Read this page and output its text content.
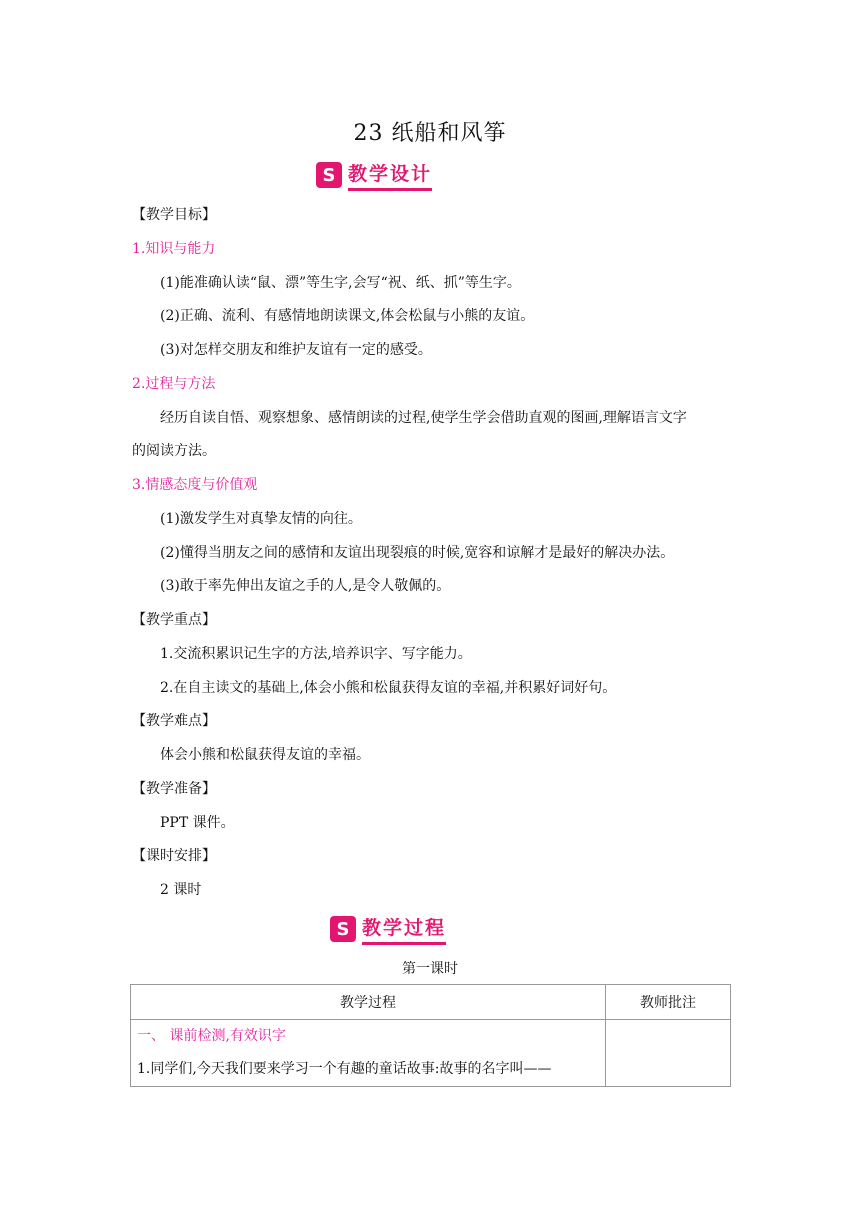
23 纸船和风筝
S 教学设计
【教学目标】
1.知识与能力
(1)能准确认读“鼠、漂”等生字,会写“祝、纸、抓”等生字。
(2)正确、流利、有感情地朗读课文,体会松鼠与小熊的友谊。
(3)对怎样交朋友和维护友谊有一定的感受。
2.过程与方法
经历自读自悟、观察想象、感情朗读的过程,使学生学会借助直观的图画,理解语言文字
的阅读方法。
3.情感态度与价值观
(1)激发学生对真挚友情的向往。
(2)懂得当朋友之间的感情和友谊出现裂痕的时候,宽容和谅解才是最好的解决办法。
(3)敢于率先伸出友谊之手的人,是令人敬佩的。
【教学重点】
1.交流积累识记生字的方法,培养识字、写字能力。
2.在自主读文的基础上,体会小熊和松鼠获得友谊的幸福,并积累好词好句。
【教学难点】
体会小熊和松鼠获得友谊的幸福。
【教学准备】
PPT 课件。
【课时安排】
2 课时
S 教学过程
第一课时
教学过程	教师批注

一、 课前检测,有效识字
1.同学们,今天我们要来学习一个有趣的童话故事:故事的名字叫——	
